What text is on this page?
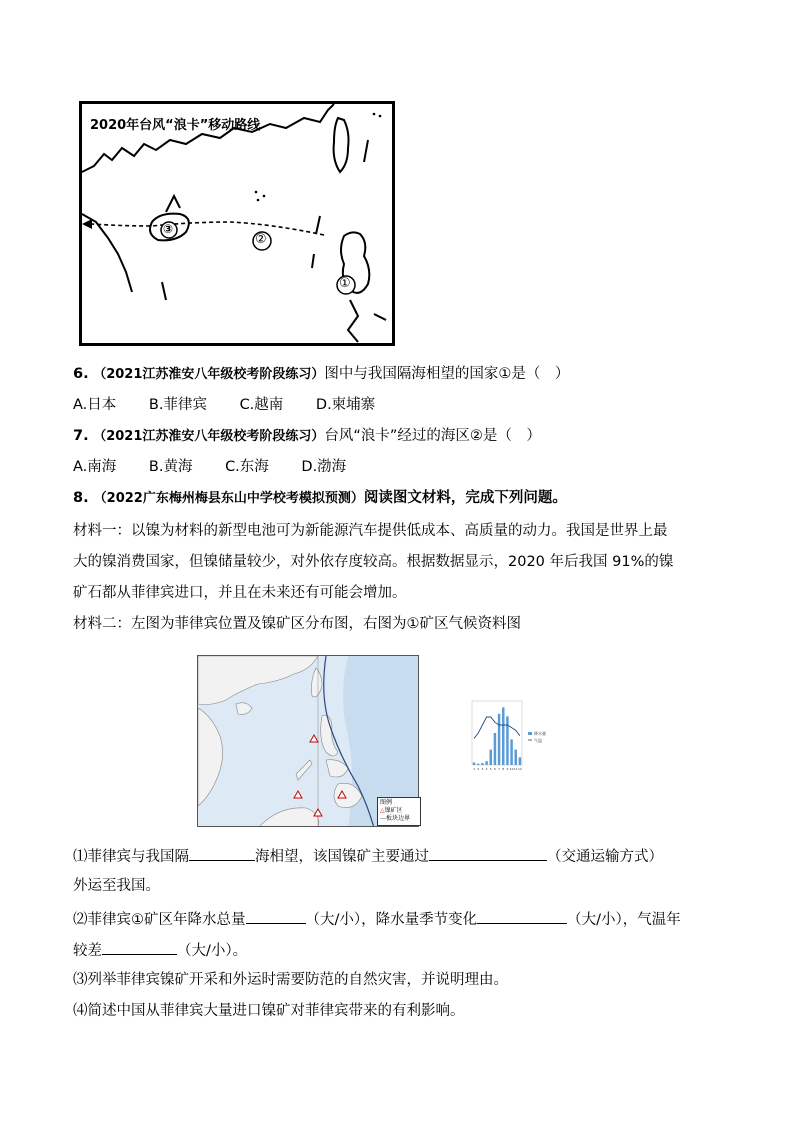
2020年台风“浪卡”移动路线
③
②
①
6. （2021江苏淮安八年级校考阶段练习）图中与我国隔海相望的国家①是（　）
A.日本 B.菲律宾 C.越南 D.柬埔寨
7. （2021江苏淮安八年级校考阶段练习）台风“浪卡”经过的海区②是（　）
A.南海 B.黄海 C.东海 D.渤海
8. （2022广东梅州梅县东山中学校考模拟预测）阅读图文材料，完成下列问题。
材料一：以镍为材料的新型电池可为新能源汽车提供低成本、高质量的动力。我国是世界上最
大的镍消费国家，但镍储量较少，对外依存度较高。根据数据显示，2020 年后我国 91%的镍
矿石都从菲律宾进口，并且在未来还有可能会增加。
材料二：左图为菲律宾位置及镍矿区分布图，右图为①矿区气候资料图
图例
△镍矿区
—板块边界
1 2 3 4 5 6 7 8 9 10 11 12
降水量
气温
⑴菲律宾与我国隔	海相望，该国镍矿主要通过	（交通运输方式）
外运至我国。
⑵菲律宾①矿区年降水总量	（大/小），降水量季节变化	（大/小），气温年
较差	（大/小）。
⑶列举菲律宾镍矿开采和外运时需要防范的自然灾害，并说明理由。
⑷简述中国从菲律宾大量进口镍矿对菲律宾带来的有利影响。
